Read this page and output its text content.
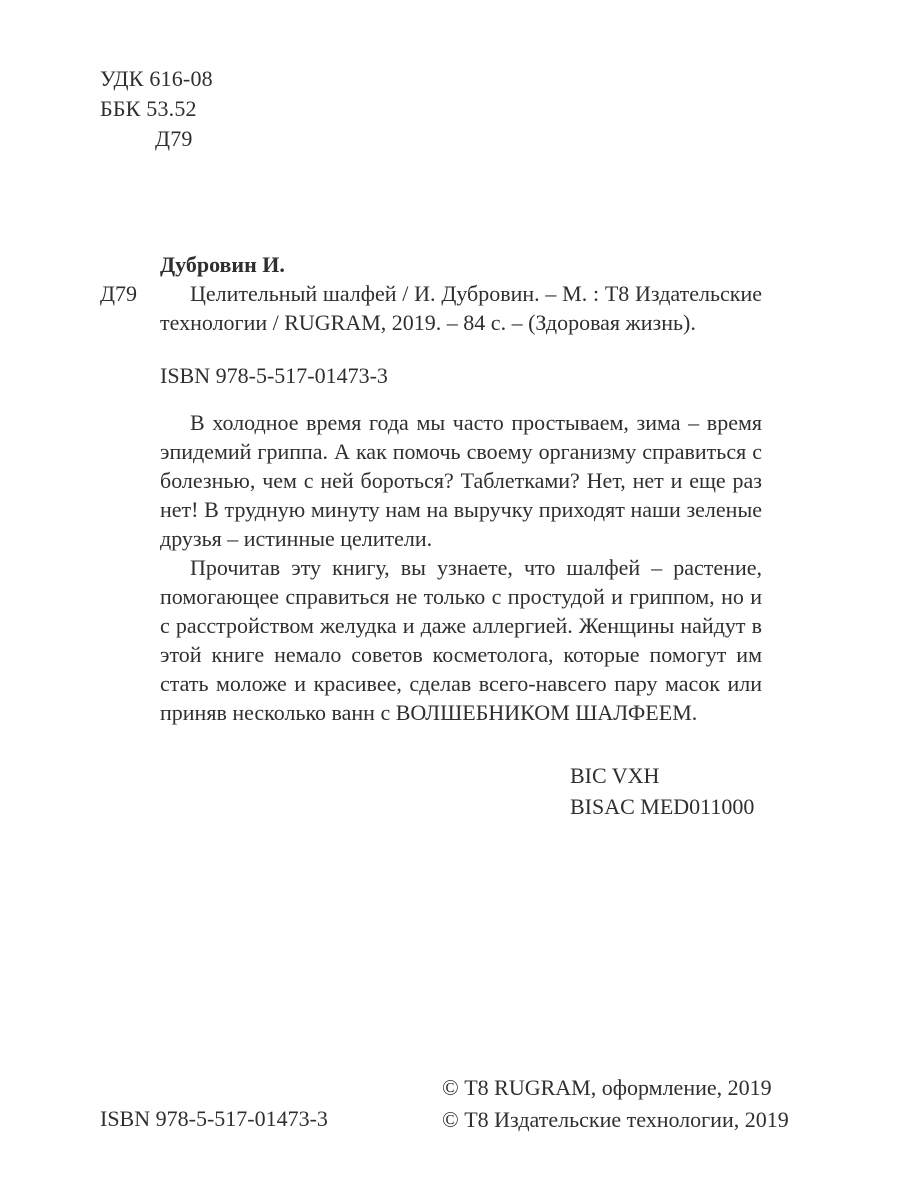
УДК 616-08
ББК 53.52
Д79
Дубровин И.
Д79	Целительный шалфей / И. Дубровин. – М. : Т8 Издательские технологии / RUGRAM, 2019. – 84 с. – (Здоровая жизнь).
ISBN 978-5-517-01473-3

В холодное время года мы часто простываем, зима – время эпидемий гриппа. А как помочь своему организму справиться с болезнью, чем с ней бороться? Таблетками? Нет, нет и еще раз нет! В трудную минуту нам на выручку приходят наши зеленые друзья – истинные целители.

Прочитав эту книгу, вы узнаете, что шалфей – растение, помогающее справиться не только с простудой и гриппом, но и с расстройством желудка и даже аллергией. Женщины найдут в этой книге немало советов косметолога, которые помогут им стать моложе и красивее, сделав всего-навсего пару масок или приняв несколько ванн с ВОЛШЕБНИКОМ ШАЛФЕЕМ.

BIC VXH
BISAC MED011000
ISBN 978-5-517-01473-3
© Т8 RUGRAM, оформление, 2019
© Т8 Издательские технологии, 2019
